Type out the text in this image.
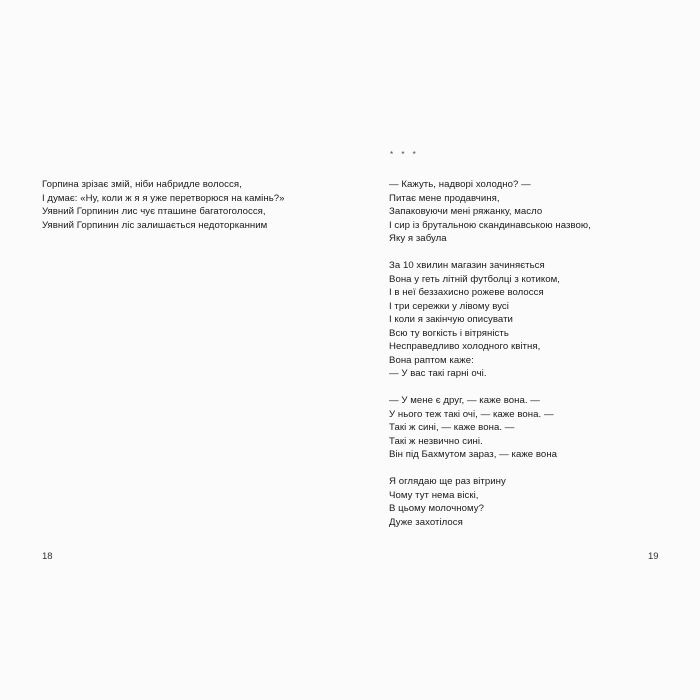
Горпина зрізає змій, ніби набридле волосся,
І думає: «Ну, коли ж я я уже перетворюся на камінь?»
Уявний Горпинин лис чує пташине багатоголосся,
Уявний Горпинин ліс залишається недоторканним
18
* * *
— Кажуть, надворі холодно? —
Питає мене продавчиня,
Запаковуючи мені ряжанку, масло
І сир із брутальною скандинавською назвою,
Яку я забула
За 10 хвилин магазин зачиняється
Вона у геть літній футболці з котиком,
І в неї беззахисно рожеве волосся
І три сережки у лівому вусі
І коли я закінчую описувати
Всю ту вогкість і вітряність
Несправедливо холодного квітня,
Вона раптом каже:
— У вас такі гарні очі.
— У мене є друг, — каже вона. —
У нього теж такі очі, — каже вона. —
Такі ж сині, — каже вона. —
Такі ж незвично сині.
Він під Бахмутом зараз, — каже вона
Я оглядаю ще раз вітрину
Чому тут нема віскі,
В цьому молочному?
Дуже захотілося
19
